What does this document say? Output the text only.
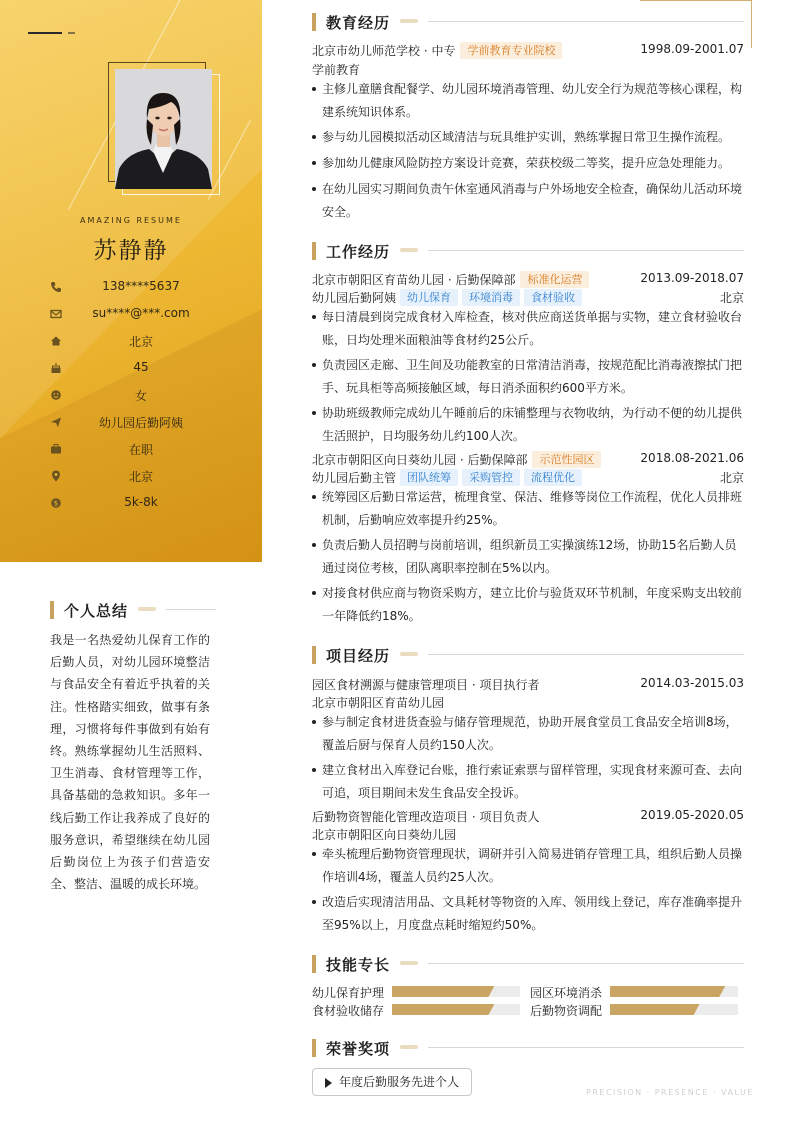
AMAZING RESUME
苏静静
138****5637
su****@***.com
北京
45
女
幼儿园后勤阿姨
在职
北京
$	5k-8k
个人总结
我是一名热爱幼儿保育工作的后勤人员，对幼儿园环境整洁与食品安全有着近乎执着的关注。性格踏实细致，做事有条理，习惯将每件事做到有始有终。熟练掌握幼儿生活照料、卫生消毒、食材管理等工作，具备基础的急救知识。多年一线后勤工作让我养成了良好的服务意识，希望继续在幼儿园后勤岗位上为孩子们营造安全、整洁、温暖的成长环境。
教育经历
北京市幼儿师范学校 · 中专 学前教育专业院校	1998.09-2001.07
学前教育
主修儿童膳食配餐学、幼儿园环境消毒管理、幼儿安全行为规范等核心课程，构建系统知识体系。
参与幼儿园模拟活动区域清洁与玩具维护实训，熟练掌握日常卫生操作流程。
参加幼儿健康风险防控方案设计竞赛，荣获校级二等奖，提升应急处理能力。
在幼儿园实习期间负责午休室通风消毒与户外场地安全检查，确保幼儿活动环境安全。
工作经历
北京市朝阳区育苗幼儿园 · 后勤保障部 标准化运营	2013.09-2018.07
幼儿园后勤阿姨 幼儿保育 环境消毒 食材验收	北京
每日清晨到岗完成食材入库检查，核对供应商送货单据与实物，建立食材验收台账，日均处理米面粮油等食材约25公斤。
负责园区走廊、卫生间及功能教室的日常清洁消毒，按规范配比消毒液擦拭门把手、玩具柜等高频接触区域，每日消杀面积约600平方米。
协助班级教师完成幼儿午睡前后的床铺整理与衣物收纳，为行动不便的幼儿提供生活照护，日均服务幼儿约100人次。
北京市朝阳区向日葵幼儿园 · 后勤保障部 示范性园区	2018.08-2021.06
幼儿园后勤主管 团队统筹 采购管控 流程优化	北京
统筹园区后勤日常运营，梳理食堂、保洁、维修等岗位工作流程，优化人员排班机制，后勤响应效率提升约25%。
负责后勤人员招聘与岗前培训，组织新员工实操演练12场，协助15名后勤人员通过岗位考核，团队离职率控制在5%以内。
对接食材供应商与物资采购方，建立比价与验货双环节机制，年度采购支出较前一年降低约18%。
项目经历
园区食材溯源与健康管理项目 · 项目执行者	2014.03-2015.03
北京市朝阳区育苗幼儿园
参与制定食材进货查验与储存管理规范，协助开展食堂员工食品安全培训8场，覆盖后厨与保育人员约150人次。
建立食材出入库登记台账，推行索证索票与留样管理，实现食材来源可查、去向可追，项目期间未发生食品安全投诉。
后勤物资智能化管理改造项目 · 项目负责人	2019.05-2020.05
北京市朝阳区向日葵幼儿园
牵头梳理后勤物资管理现状，调研并引入简易进销存管理工具，组织后勤人员操作培训4场，覆盖人员约25人次。
改造后实现清洁用品、文具耗材等物资的入库、领用线上登记，库存准确率提升至95%以上，月度盘点耗时缩短约50%。
技能专长
幼儿保育护理	园区环境消杀
食材验收储存	后勤物资调配
荣誉奖项
年度后勤服务先进个人
PRECISION · PRESENCE · VALUE
